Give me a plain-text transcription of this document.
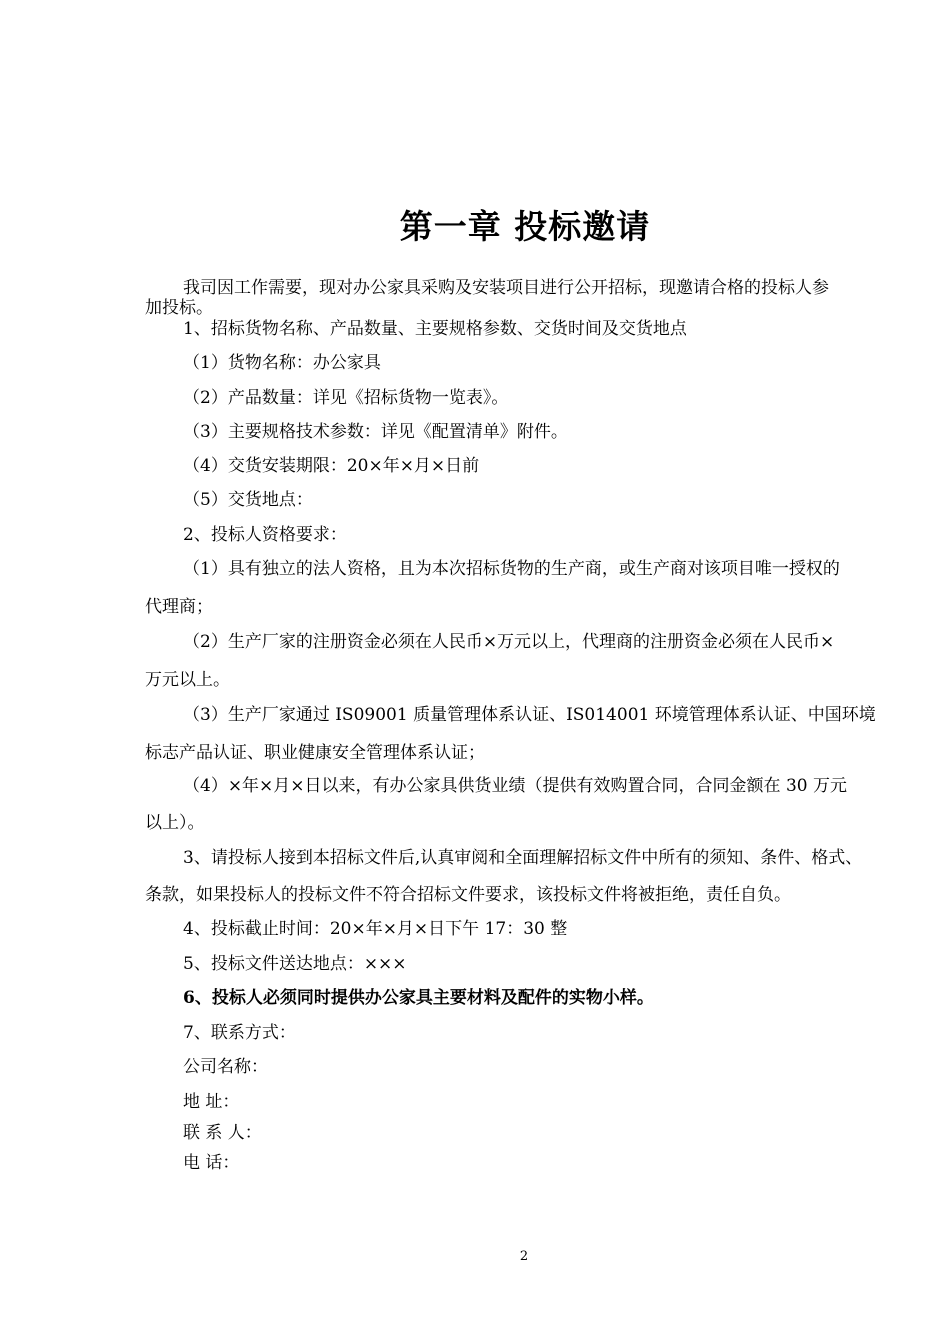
第一章 投标邀请
我司因工作需要，现对办公家具采购及安装项目进行公开招标，现邀请合格的投标人参
加投标。
1、招标货物名称、产品数量、主要规格参数、交货时间及交货地点
（1）货物名称：办公家具
（2）产品数量：详见《招标货物一览表》。
（3）主要规格技术参数：详见《配置清单》附件。
（4）交货安装期限：20×年×月×日前
（5）交货地点：
2、投标人资格要求：
（1）具有独立的法人资格，且为本次招标货物的生产商，或生产商对该项目唯一授权的
代理商；
（2）生产厂家的注册资金必须在人民币×万元以上，代理商的注册资金必须在人民币×
万元以上。
（3）生产厂家通过 IS09001 质量管理体系认证、IS014001 环境管理体系认证、中国环境
标志产品认证、职业健康安全管理体系认证；
（4）×年×月×日以来，有办公家具供货业绩（提供有效购置合同，合同金额在 30 万元
以上）。
3、请投标人接到本招标文件后,认真审阅和全面理解招标文件中所有的须知、条件、格式、
条款，如果投标人的投标文件不符合招标文件要求，该投标文件将被拒绝，责任自负。
4、投标截止时间：20×年×月×日下午 17：30 整
5、投标文件送达地点：×××
6、投标人必须同时提供办公家具主要材料及配件的实物小样。
7、联系方式：
公司名称：
地 址：
联 系 人：
电 话：
2
